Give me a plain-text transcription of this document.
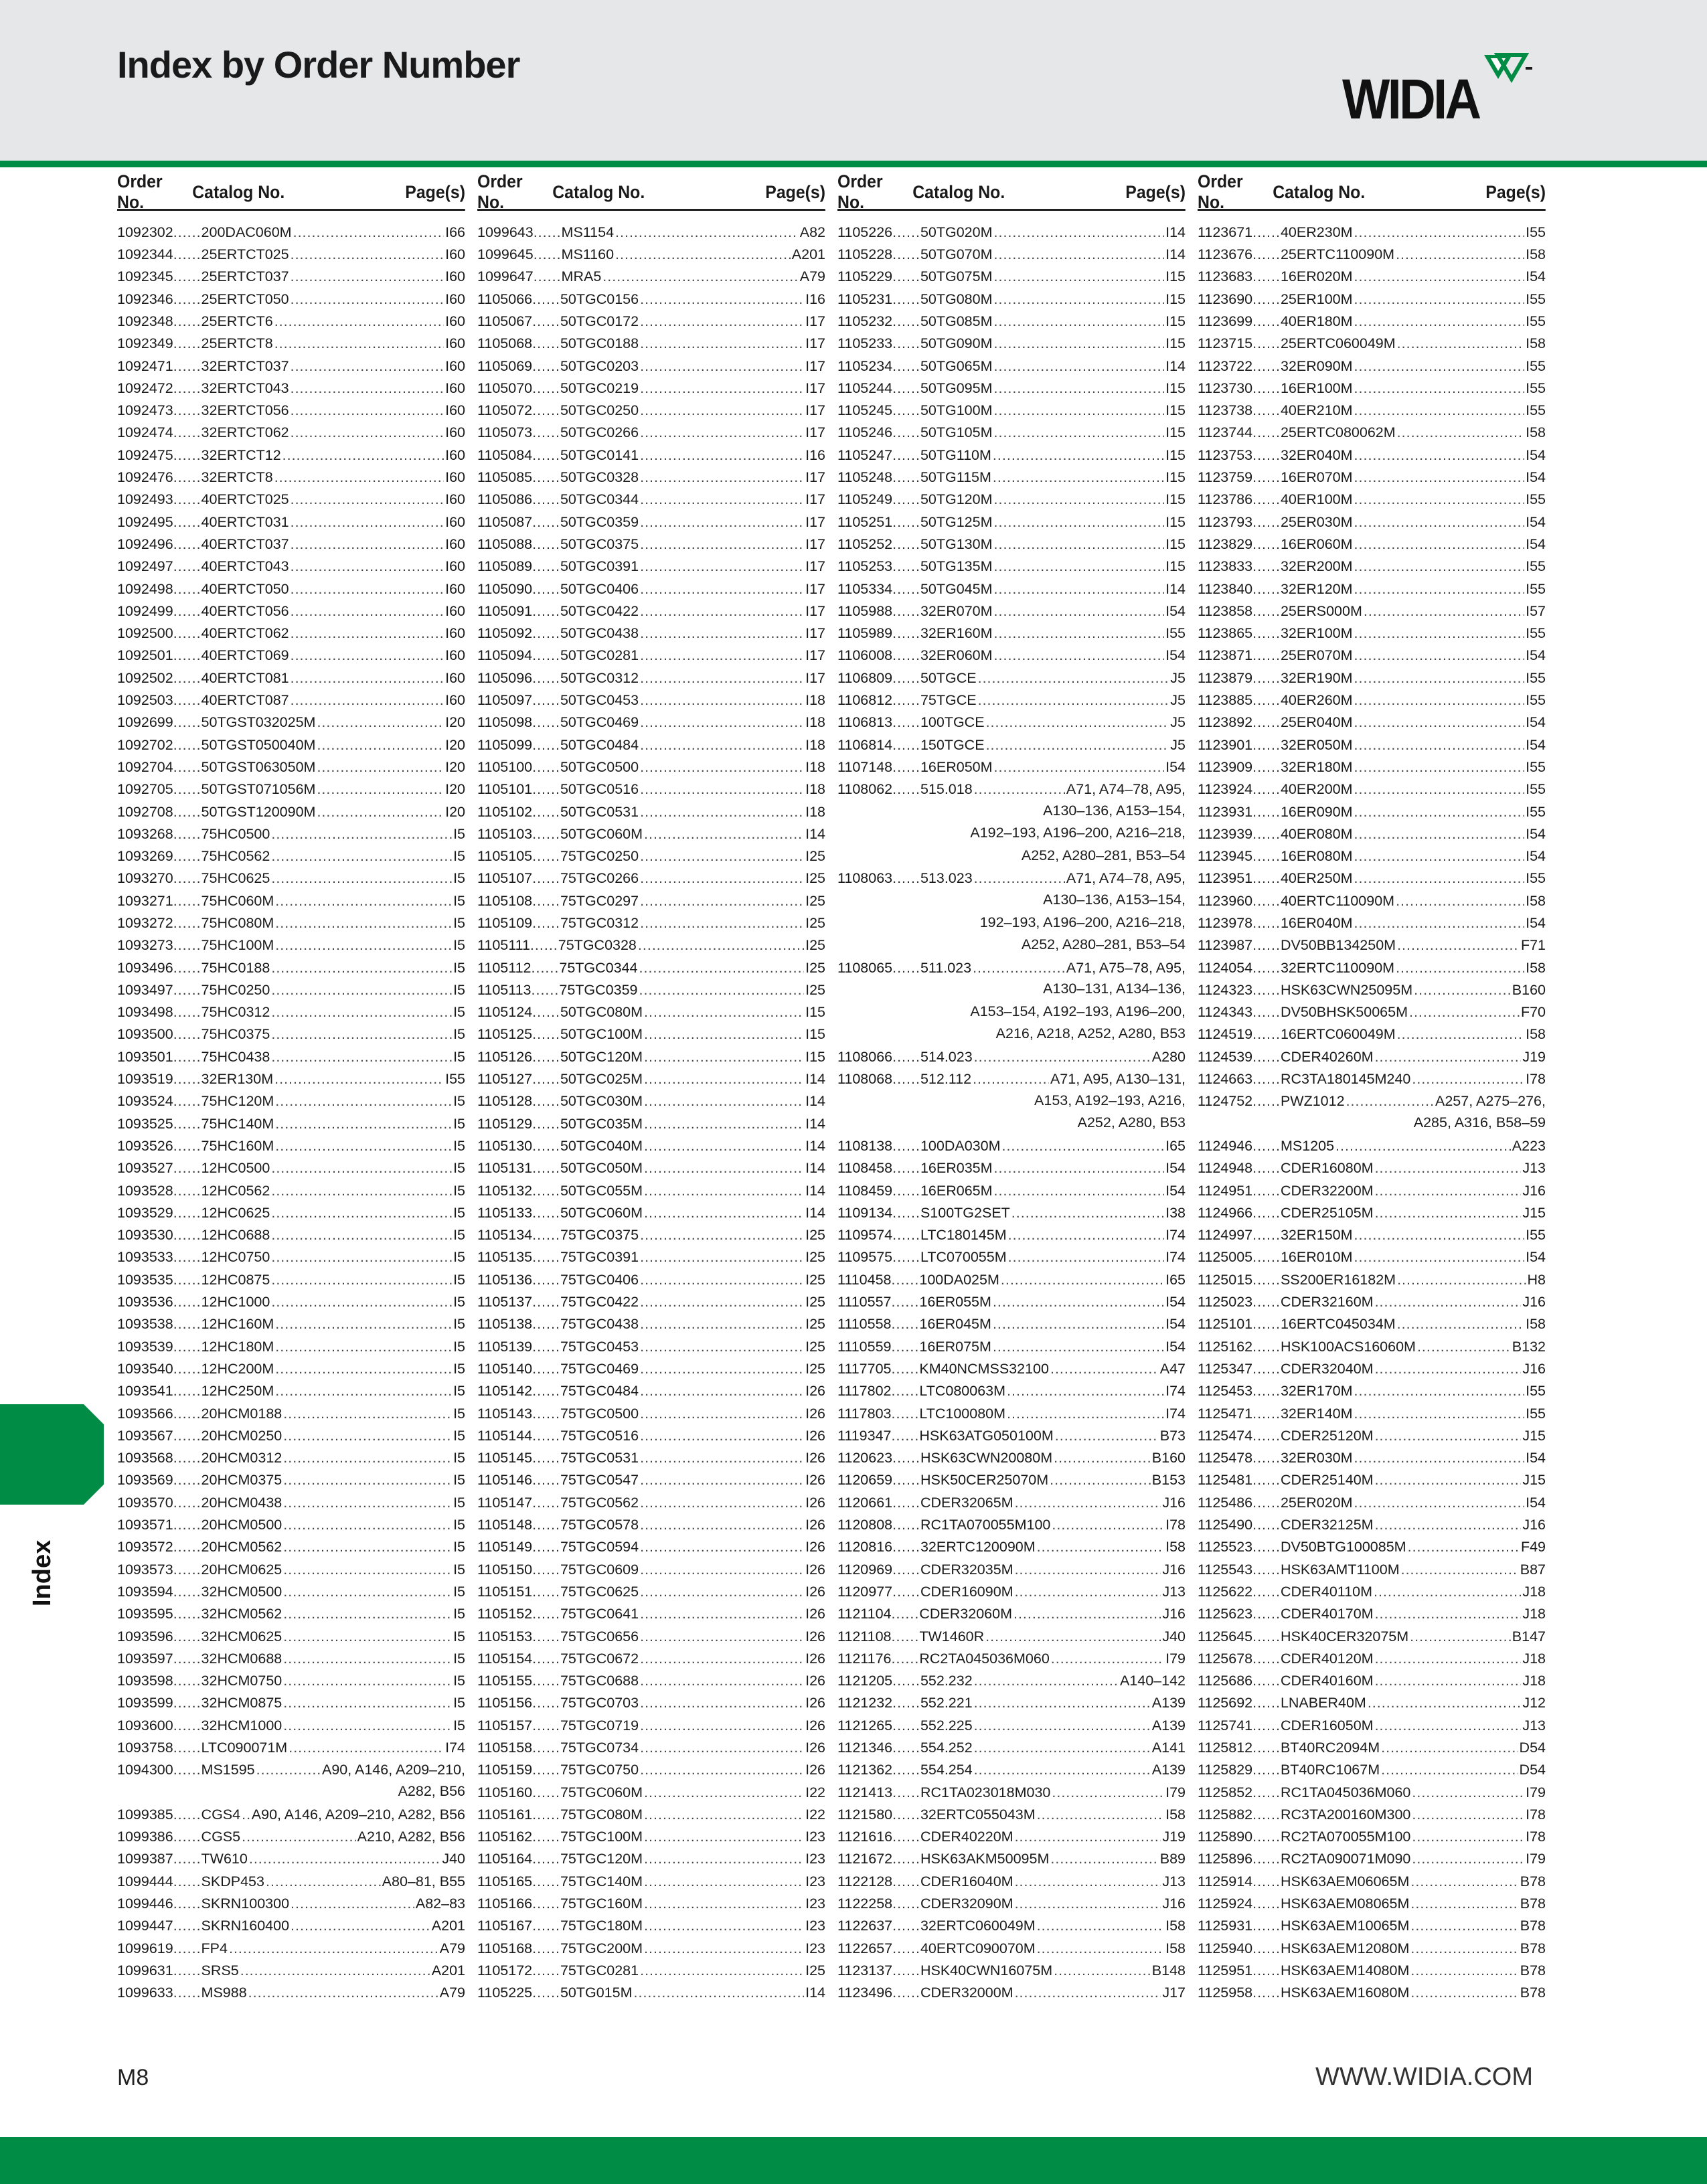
Index by Order Number
WIDIA
Order No.
Catalog No.	Page(s)
1092302 ...... 200DAC060M .....	I66
1092344 ...... 25ERTCT025 .....	I60
1092345 ...... 25ERTCT037 .....	I60
1092346 ...... 25ERTCT050 .....	I60
1092348 ...... 25ERTCT6 .....	I60
1092349 ...... 25ERTCT8 .....	I60
1092471 ...... 32ERTCT037 .....	I60
1092472 ...... 32ERTCT043 .....	I60
1092473 ...... 32ERTCT056 .....	I60
1092474 ...... 32ERTCT062 .....	I60
1092475 ...... 32ERTCT12 .....	I60
1092476 ...... 32ERTCT8 .....	I60
1092493 ...... 40ERTCT025 .....	I60
1092495 ...... 40ERTCT031 .....	I60
1092496 ...... 40ERTCT037 .....	I60
1092497 ...... 40ERTCT043 .....	I60
1092498 ...... 40ERTCT050 .....	I60
1092499 ...... 40ERTCT056 .....	I60
1092500 ...... 40ERTCT062 .....	I60
1092501 ...... 40ERTCT069 .....	I60
1092502 ...... 40ERTCT081 .....	I60
1092503 ...... 40ERTCT087 .....	I60
1092699 ...... 50TGST032025M .....	I20
1092702 ...... 50TGST050040M .....	I20
1092704 ...... 50TGST063050M .....	I20
1092705 ...... 50TGST071056M .....	I20
1092708 ...... 50TGST120090M .....	I20
1093268 ...... 75HC0500 .....	I5
1093269 ...... 75HC0562 .....	I5
1093270 ...... 75HC0625 .....	I5
1093271 ...... 75HC060M .....	I5
1093272 ...... 75HC080M .....	I5
1093273 ...... 75HC100M .....	I5
1093496 ...... 75HC0188 .....	I5
1093497 ...... 75HC0250 .....	I5
1093498 ...... 75HC0312 .....	I5
1093500 ...... 75HC0375 .....	I5
1093501 ...... 75HC0438 .....	I5
1093519 ...... 32ER130M .....	I55
1093524 ...... 75HC120M .....	I5
1093525 ...... 75HC140M .....	I5
1093526 ...... 75HC160M .....	I5
1093527 ...... 12HC0500 .....	I5
1093528 ...... 12HC0562 .....	I5
1093529 ...... 12HC0625 .....	I5
1093530 ...... 12HC0688 .....	I5
1093533 ...... 12HC0750 .....	I5
1093535 ...... 12HC0875 .....	I5
1093536 ...... 12HC1000 .....	I5
1093538 ...... 12HC160M .....	I5
1093539 ...... 12HC180M .....	I5
1093540 ...... 12HC200M .....	I5
1093541 ...... 12HC250M .....	I5
1093566 ...... 20HCM0188 .....	I5
1093567 ...... 20HCM0250 .....	I5
1093568 ...... 20HCM0312 .....	I5
1093569 ...... 20HCM0375 .....	I5
1093570 ...... 20HCM0438 .....	I5
1093571 ...... 20HCM0500 .....	I5
1093572 ...... 20HCM0562 .....	I5
1093573 ...... 20HCM0625 .....	I5
1093594 ...... 32HCM0500 .....	I5
1093595 ...... 32HCM0562 .....	I5
1093596 ...... 32HCM0625 .....	I5
1093597 ...... 32HCM0688 .....	I5
1093598 ...... 32HCM0750 .....	I5
1093599 ...... 32HCM0875 .....	I5
1093600 ...... 32HCM1000 .....	I5
1093758 ...... LTC090071M .....	I74
1094300 ...... MS1595 .....	A90, A146, A209–210,
A282, B56
1099385 ...... CGS4 ..... A90, A146, A209–210, A282, B56
1099386 ...... CGS5 .....	A210, A282, B56
1099387 ...... TW610 .....	J40
1099444 ...... SKDP453 .....	A80–81, B55
1099446 ...... SKRN100300 .....	A82–83
1099447 ...... SKRN160400 .....	A201
1099619 ...... FP4 .....	A79
1099631 ...... SRS5 .....	A201
1099633 ...... MS988 .....	A79
Order No.
Catalog No.	Page(s)
1099643 ...... MS1154 .....	A82
1099645 ...... MS1160 .....	A201
1099647 ...... MRA5 .....	A79
1105066 ...... 50TGC0156 .....	I16
1105067 ...... 50TGC0172 .....	I17
1105068 ...... 50TGC0188 .....	I17
1105069 ...... 50TGC0203 .....	I17
1105070 ...... 50TGC0219 .....	I17
1105072 ...... 50TGC0250 .....	I17
1105073 ...... 50TGC0266 .....	I17
1105084 ...... 50TGC0141 .....	I16
1105085 ...... 50TGC0328 .....	I17
1105086 ...... 50TGC0344 .....	I17
1105087 ...... 50TGC0359 .....	I17
1105088 ...... 50TGC0375 .....	I17
1105089 ...... 50TGC0391 .....	I17
1105090 ...... 50TGC0406 .....	I17
1105091 ...... 50TGC0422 .....	I17
1105092 ...... 50TGC0438 .....	I17
1105094 ...... 50TGC0281 .....	I17
1105096 ...... 50TGC0312 .....	I17
1105097 ...... 50TGC0453 .....	I18
1105098 ...... 50TGC0469 .....	I18
1105099 ...... 50TGC0484 .....	I18
1105100 ...... 50TGC0500 .....	I18
1105101 ...... 50TGC0516 .....	I18
1105102 ...... 50TGC0531 .....	I18
1105103 ...... 50TGC060M .....	I14
1105105 ...... 75TGC0250 .....	I25
1105107 ...... 75TGC0266 .....	I25
1105108 ...... 75TGC0297 .....	I25
1105109 ...... 75TGC0312 .....	I25
1105111 ...... 75TGC0328 .....	I25
1105112 ...... 75TGC0344 .....	I25
1105113 ...... 75TGC0359 .....	I25
1105124 ...... 50TGC080M .....	I15
1105125 ...... 50TGC100M .....	I15
1105126 ...... 50TGC120M .....	I15
1105127 ...... 50TGC025M .....	I14
1105128 ...... 50TGC030M .....	I14
1105129 ...... 50TGC035M .....	I14
1105130 ...... 50TGC040M .....	I14
1105131 ...... 50TGC050M .....	I14
1105132 ...... 50TGC055M .....	I14
1105133 ...... 50TGC060M .....	I14
1105134 ...... 75TGC0375 .....	I25
1105135 ...... 75TGC0391 .....	I25
1105136 ...... 75TGC0406 .....	I25
1105137 ...... 75TGC0422 .....	I25
1105138 ...... 75TGC0438 .....	I25
1105139 ...... 75TGC0453 .....	I25
1105140 ...... 75TGC0469 .....	I25
1105142 ...... 75TGC0484 .....	I26
1105143 ...... 75TGC0500 .....	I26
1105144 ...... 75TGC0516 .....	I26
1105145 ...... 75TGC0531 .....	I26
1105146 ...... 75TGC0547 .....	I26
1105147 ...... 75TGC0562 .....	I26
1105148 ...... 75TGC0578 .....	I26
1105149 ...... 75TGC0594 .....	I26
1105150 ...... 75TGC0609 .....	I26
1105151 ...... 75TGC0625 .....	I26
1105152 ...... 75TGC0641 .....	I26
1105153 ...... 75TGC0656 .....	I26
1105154 ...... 75TGC0672 .....	I26
1105155 ...... 75TGC0688 .....	I26
1105156 ...... 75TGC0703 .....	I26
1105157 ...... 75TGC0719 .....	I26
1105158 ...... 75TGC0734 .....	I26
1105159 ...... 75TGC0750 .....	I26
1105160 ...... 75TGC060M .....	I22
1105161 ...... 75TGC080M .....	I22
1105162 ...... 75TGC100M .....	I23
1105164 ...... 75TGC120M .....	I23
1105165 ...... 75TGC140M .....	I23
1105166 ...... 75TGC160M .....	I23
1105167 ...... 75TGC180M .....	I23
1105168 ...... 75TGC200M .....	I23
1105172 ...... 75TGC0281 .....	I25
1105225 ...... 50TG015M .....	I14
Order No.
Catalog No.	Page(s)
1105226 ...... 50TG020M .....	I14
1105228 ...... 50TG070M .....	I14
1105229 ...... 50TG075M .....	I15
1105231 ...... 50TG080M .....	I15
1105232 ...... 50TG085M .....	I15
1105233 ...... 50TG090M .....	I15
1105234 ...... 50TG065M .....	I14
1105244 ...... 50TG095M .....	I15
1105245 ...... 50TG100M .....	I15
1105246 ...... 50TG105M .....	I15
1105247 ...... 50TG110M .....	I15
1105248 ...... 50TG115M .....	I15
1105249 ...... 50TG120M .....	I15
1105251 ...... 50TG125M .....	I15
1105252 ...... 50TG130M .....	I15
1105253 ...... 50TG135M .....	I15
1105334 ...... 50TG045M .....	I14
1105988 ...... 32ER070M .....	I54
1105989 ...... 32ER160M .....	I55
1106008 ...... 32ER060M .....	I54
1106809 ...... 50TGCE .....	J5
1106812 ...... 75TGCE .....	J5
1106813 ...... 100TGCE .....	J5
1106814 ...... 150TGCE .....	J5
1107148 ...... 16ER050M .....	I54
1108062 ...... 515.018 .....	A71, A74–78, A95,
A130–136, A153–154,
A192–193, A196–200, A216–218,
A252, A280–281, B53–54
1108063 ...... 513.023 .....	A71, A74–78, A95,
A130–136, A153–154,
192–193, A196–200, A216–218,
A252, A280–281, B53–54
1108065 ...... 511.023 .....	A71, A75–78, A95,
A130–131, A134–136,
A153–154, A192–193, A196–200,
A216, A218, A252, A280, B53
1108066 ...... 514.023 .....	A280
1108068 ...... 512.112 .....	A71, A95, A130–131,
A153, A192–193, A216,
A252, A280, B53
1108138 ...... 100DA030M .....	I65
1108458 ...... 16ER035M .....	I54
1108459 ...... 16ER065M .....	I54
1109134 ...... S100TG2SET .....	I38
1109574 ...... LTC180145M .....	I74
1109575 ...... LTC070055M .....	I74
1110458 ...... 100DA025M .....	I65
1110557 ...... 16ER055M .....	I54
1110558 ...... 16ER045M .....	I54
1110559 ...... 16ER075M .....	I54
1117705 ...... KM40NCMSS32100 .....	A47
1117802 ...... LTC080063M .....	I74
1117803 ...... LTC100080M .....	I74
1119347 ...... HSK63ATG050100M .....	B73
1120623 ...... HSK63CWN20080M .....	B160
1120659 ...... HSK50CER25070M .....	B153
1120661 ...... CDER32065M .....	J16
1120808 ...... RC1TA070055M100 .....	I78
1120816 ...... 32ERTC120090M .....	I58
1120969 ...... CDER32035M .....	J16
1120977 ...... CDER16090M .....	J13
1121104 ...... CDER32060M .....	J16
1121108 ...... TW1460R .....	J40
1121176 ...... RC2TA045036M060 .....	I79
1121205 ...... 552.232 .....	A140–142
1121232 ...... 552.221 .....	A139
1121265 ...... 552.225 .....	A139
1121346 ...... 554.252 .....	A141
1121362 ...... 554.254 .....	A139
1121413 ...... RC1TA023018M030 .....	I79
1121580 ...... 32ERTC055043M .....	I58
1121616 ...... CDER40220M .....	J19
1121672 ...... HSK63AKM50095M .....	B89
1122128 ...... CDER16040M .....	J13
1122258 ...... CDER32090M .....	J16
1122637 ...... 32ERTC060049M .....	I58
1122657 ...... 40ERTC090070M .....	I58
1123137 ...... HSK40CWN16075M .....	B148
1123496 ...... CDER32000M .....	J17
Order No.
Catalog No.	Page(s)
1123671 ...... 40ER230M .....	I55
1123676 ...... 25ERTC110090M .....	I58
1123683 ...... 16ER020M .....	I54
1123690 ...... 25ER100M .....	I55
1123699 ...... 40ER180M .....	I55
1123715 ...... 25ERTC060049M .....	I58
1123722 ...... 32ER090M .....	I55
1123730 ...... 16ER100M .....	I55
1123738 ...... 40ER210M .....	I55
1123744 ...... 25ERTC080062M .....	I58
1123753 ...... 32ER040M .....	I54
1123759 ...... 16ER070M .....	I54
1123786 ...... 40ER100M .....	I55
1123793 ...... 25ER030M .....	I54
1123829 ...... 16ER060M .....	I54
1123833 ...... 32ER200M .....	I55
1123840 ...... 32ER120M .....	I55
1123858 ...... 25ERS000M .....	I57
1123865 ...... 32ER100M .....	I55
1123871 ...... 25ER070M .....	I54
1123879 ...... 32ER190M .....	I55
1123885 ...... 40ER260M .....	I55
1123892 ...... 25ER040M .....	I54
1123901 ...... 32ER050M .....	I54
1123909 ...... 32ER180M .....	I55
1123924 ...... 40ER200M .....	I55
1123931 ...... 16ER090M .....	I55
1123939 ...... 40ER080M .....	I54
1123945 ...... 16ER080M .....	I54
1123951 ...... 40ER250M .....	I55
1123960 ...... 40ERTC110090M .....	I58
1123978 ...... 16ER040M .....	I54
1123987 ...... DV50BB134250M .....	F71
1124054 ...... 32ERTC110090M .....	I58
1124323 ...... HSK63CWN25095M .....	B160
1124343 ...... DV50BHSK50065M .....	F70
1124519 ...... 16ERTC060049M .....	I58
1124539 ...... CDER40260M .....	J19
1124663 ...... RC3TA180145M240 .....	I78
1124752 ...... PWZ1012 .....	A257, A275–276,
A285, A316, B58–59
1124946 ...... MS1205 .....	A223
1124948 ...... CDER16080M .....	J13
1124951 ...... CDER32200M .....	J16
1124966 ...... CDER25105M .....	J15
1124997 ...... 32ER150M .....	I55
1125005 ...... 16ER010M .....	I54
1125015 ...... SS200ER16182M .....	H8
1125023 ...... CDER32160M .....	J16
1125101 ...... 16ERTC045034M .....	I58
1125162 ...... HSK100ACS16060M .....	B132
1125347 ...... CDER32040M .....	J16
1125453 ...... 32ER170M .....	I55
1125471 ...... 32ER140M .....	I55
1125474 ...... CDER25120M .....	J15
1125478 ...... 32ER030M .....	I54
1125481 ...... CDER25140M .....	J15
1125486 ...... 25ER020M .....	I54
1125490 ...... CDER32125M .....	J16
1125523 ...... DV50BTG100085M .....	F49
1125543 ...... HSK63AMT1100M .....	B87
1125622 ...... CDER40110M .....	J18
1125623 ...... CDER40170M .....	J18
1125645 ...... HSK40CER32075M .....	B147
1125678 ...... CDER40120M .....	J18
1125686 ...... CDER40160M .....	J18
1125692 ...... LNABER40M .....	J12
1125741 ...... CDER16050M .....	J13
1125812 ...... BT40RC2094M .....	D54
1125829 ...... BT40RC1067M .....	D54
1125852 ...... RC1TA045036M060 .....	I79
1125882 ...... RC3TA200160M300 .....	I78
1125890 ...... RC2TA070055M100 .....	I78
1125896 ...... RC2TA090071M090 .....	I79
1125914 ...... HSK63AEM06065M .....	B78
1125924 ...... HSK63AEM08065M .....	B78
1125931 ...... HSK63AEM10065M .....	B78
1125940 ...... HSK63AEM12080M .....	B78
1125951 ...... HSK63AEM14080M .....	B78
1125958 ...... HSK63AEM16080M .....	B78
Index
M8	WWW.WIDIA.COM
